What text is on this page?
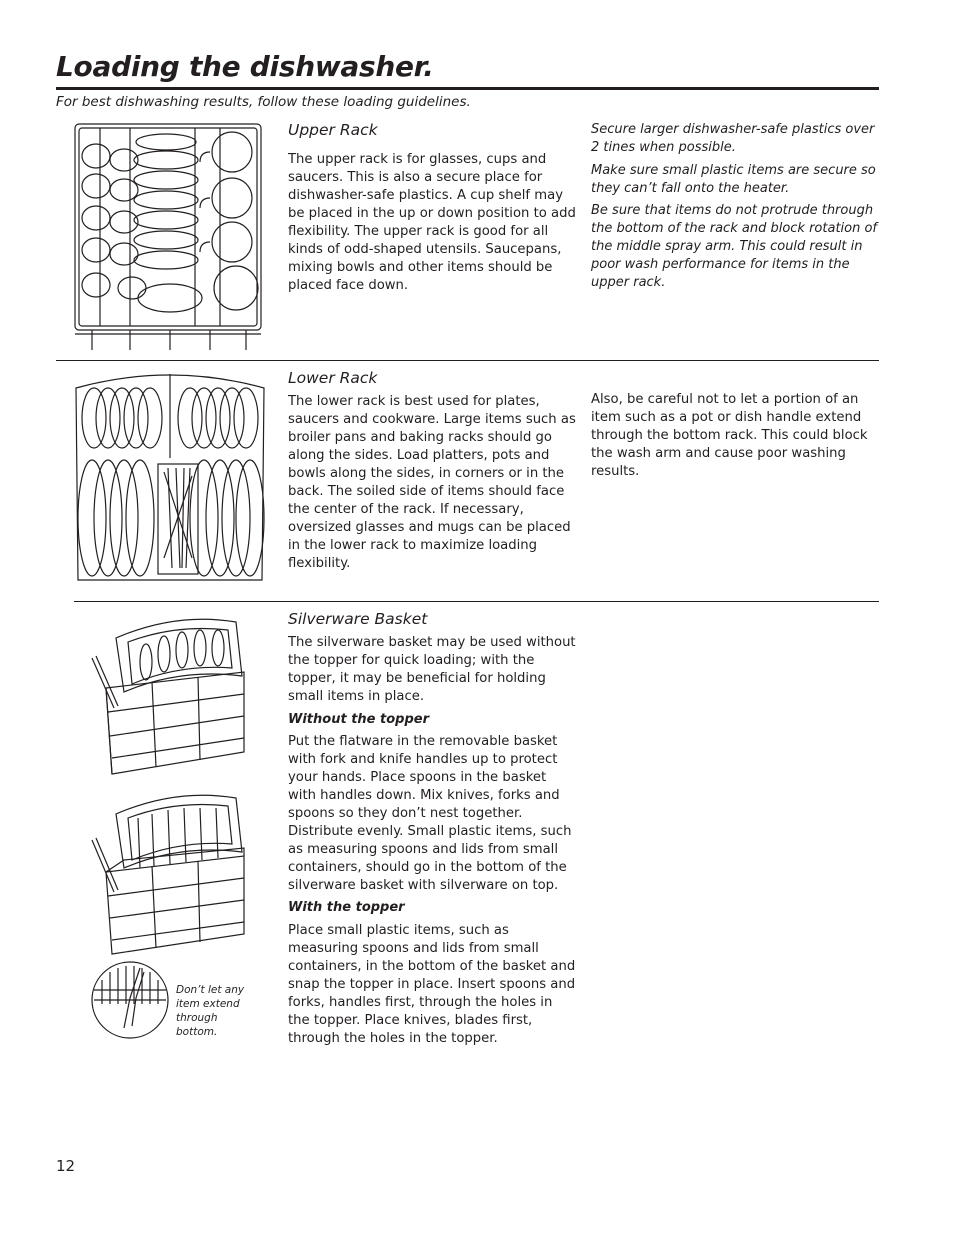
Loading the dishwasher.
For best dishwashing results, follow these loading guidelines.
Upper Rack

The upper rack is for glasses, cups and saucers. This is also a secure place for dishwasher-safe plastics. A cup shelf may be placed in the up or down position to add flexibility. The upper rack is good for all kinds of odd-shaped utensils. Saucepans, mixing bowls and other items should be placed face down.

Secure larger dishwasher-safe plastics over 2 tines when possible.

Make sure small plastic items are secure so they can’t fall onto the heater.

Be sure that items do not protrude through the bottom of the rack and block rotation of the middle spray arm. This could result in poor wash performance for items in the upper rack.

Lower Rack

The lower rack is best used for plates, saucers and cookware. Large items such as broiler pans and baking racks should go along the sides. Load platters, pots and bowls along the sides, in corners or in the back. The soiled side of items should face the center of the rack. If necessary, oversized glasses and mugs can be placed in the lower rack to maximize loading flexibility.

Also, be careful not to let a portion of an item such as a pot or dish handle extend through the bottom rack. This could block the wash arm and cause poor washing results.

Don’t let any item extend through bottom.

Silverware Basket

The silverware basket may be used without the topper for quick loading; with the topper, it may be beneficial for holding small items in place.

Without the topper

Put the flatware in the removable basket with fork and knife handles up to protect your hands. Place spoons in the basket with handles down. Mix knives, forks and spoons so they don’t nest together. Distribute evenly. Small plastic items, such as measuring spoons and lids from small containers, should go in the bottom of the silverware basket with silverware on top.

With the topper

Place small plastic items, such as measuring spoons and lids from small containers, in the bottom of the basket and snap the topper in place. Insert spoons and forks, handles first, through the holes in the topper. Place knives, blades first, through the holes in the topper.

12
